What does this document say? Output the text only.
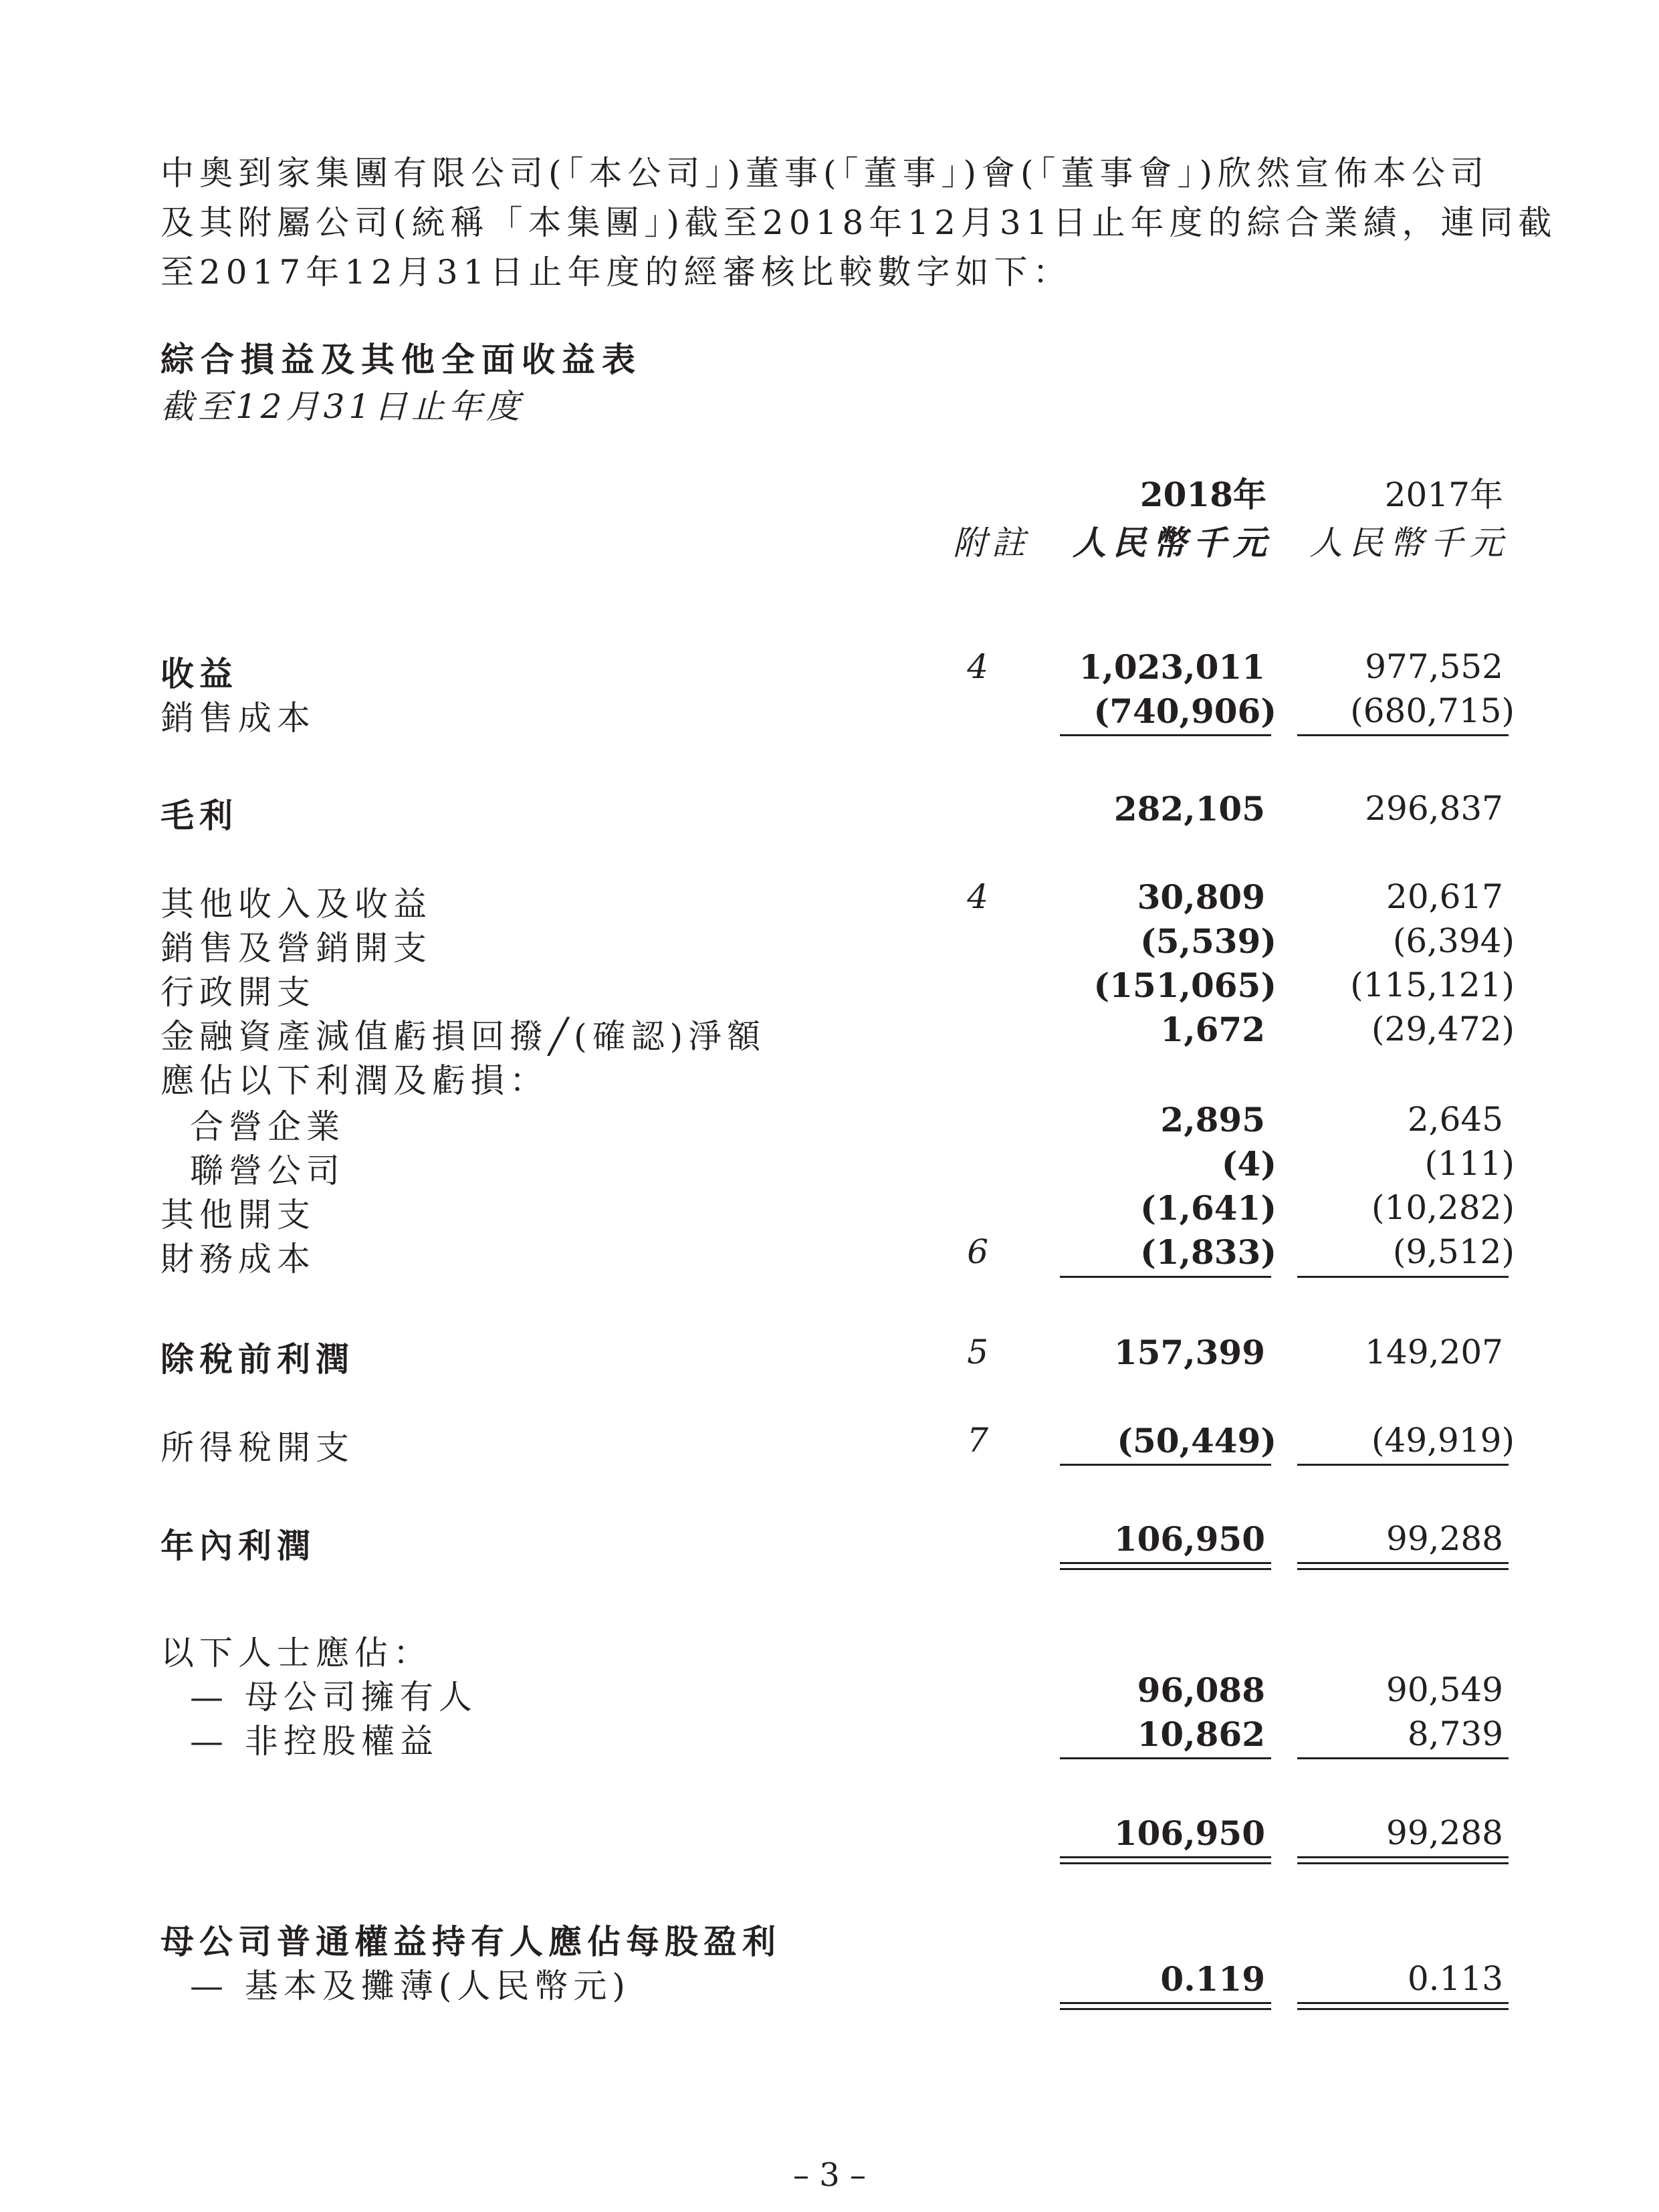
中奧到家集團有限公司(「本公司」)董事(「董事」)會(「董事會」)欣然宣佈本公司

及其附屬公司(統稱「本集團」)截至2018年12月31日止年度的綜合業績，連同截

至2017年12月31日止年度的經審核比較數字如下：

綜合損益及其他全面收益表
截至12月31日止年度
2018年	2017年
附註 人民幣千元 人民幣千元
收益	4	1,023,011	977,552
銷售成本	(740,906) (680,715)
毛利	282,105	296,837
其他收入及收益	4	30,809	20,617
銷售及營銷開支	(5,539)	(6,394)
行政開支	(151,065) (115,121)
金融資產減值虧損回撥╱(確認)淨額	1,672	(29,472)
應佔以下利潤及虧損：
合營企業	2,895	2,645
聯營公司	(4)	(111)
其他開支	(1,641)	(10,282)
財務成本	6	(1,833)	(9,512)
除稅前利潤	5	157,399	149,207
所得稅開支	7	(50,449)	(49,919)
年內利潤	106,950	99,288
以下人士應佔：
— 母公司擁有人	96,088	90,549
— 非控股權益	10,862	8,739
106,950	99,288
母公司普通權益持有人應佔每股盈利
— 基本及攤薄(人民幣元)	0.119	0.113
– 3 –
